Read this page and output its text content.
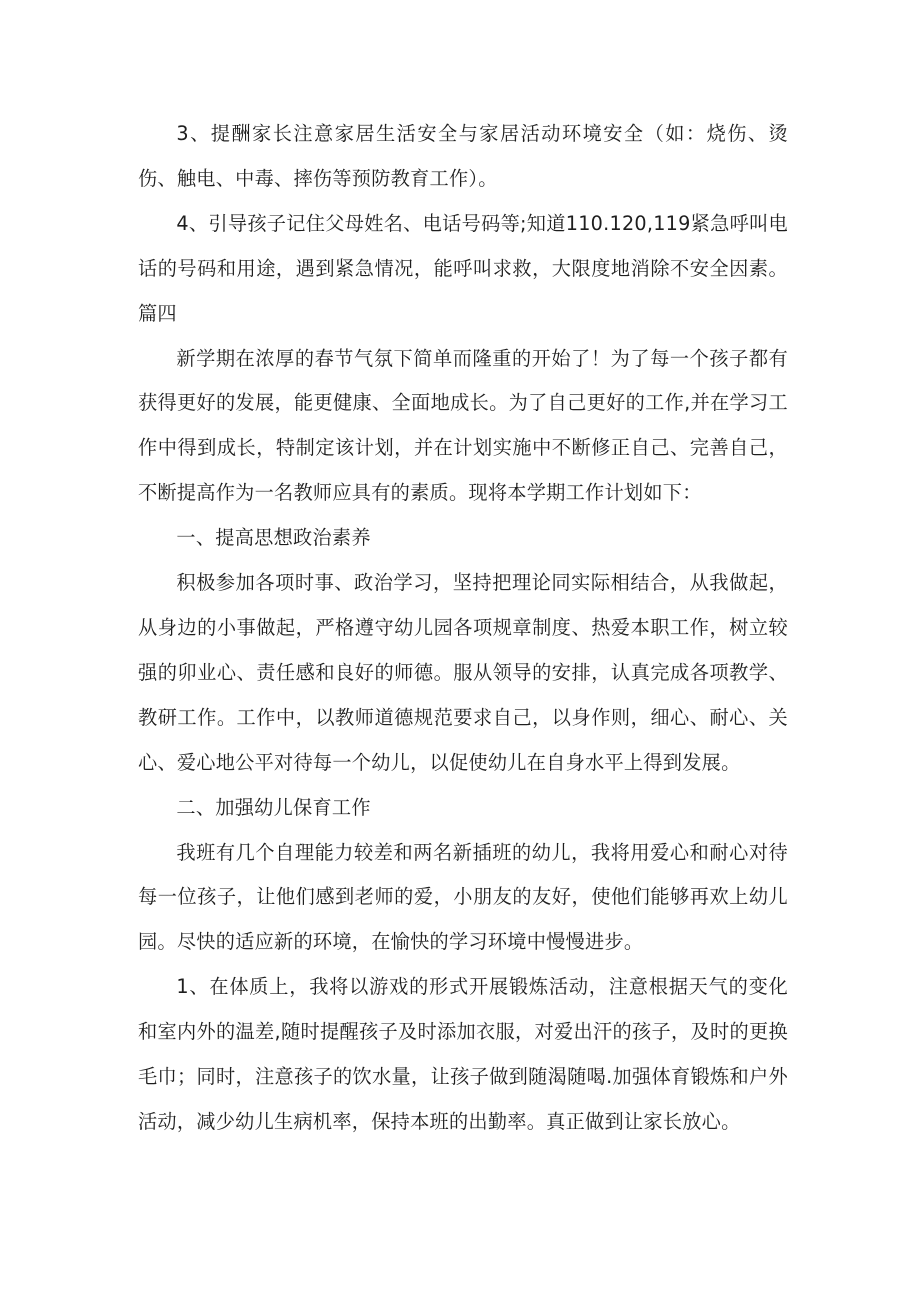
3、提酬家长注意家居生活安全与家居活动环境安全（如：烧伤、烫伤、触电、中毒、摔伤等预防教育工作）。

4、引导孩子记住父母姓名、电话号码等;知道110.120,119紧急呼叫电话的号码和用途，遇到紧急情况，能呼叫求救，大限度地消除不安全因素。篇四

新学期在浓厚的春节气氛下简单而隆重的开始了！为了每一个孩子都有获得更好的发展，能更健康、全面地成长。为了自己更好的工作,并在学习工作中得到成长，特制定该计划，并在计划实施中不断修正自己、完善自己，不断提高作为一名教师应具有的素质。现将本学期工作计划如下：

一、提高思想政治素养

积极参加各项时事、政治学习，坚持把理论同实际相结合，从我做起，从身边的小事做起，严格遵守幼儿园各项规章制度、热爱本职工作，树立较强的卯业心、责任感和良好的师德。服从领导的安排，认真完成各项教学、教研工作。工作中，以教师道德规范要求自己，以身作则，细心、耐心、关心、爱心地公平对待每一个幼儿，以促使幼儿在自身水平上得到发展。

二、加强幼儿保育工作

我班有几个自理能力较差和两名新插班的幼儿，我将用爱心和耐心对待每一位孩子，让他们感到老师的爱，小朋友的友好，使他们能够再欢上幼儿园。尽快的适应新的环境，在愉快的学习环境中慢慢进步。

1、在体质上，我将以游戏的形式开展锻炼活动，注意根据天气的变化和室内外的温差,随时提醒孩子及时添加衣服，对爱出汗的孩子，及时的更换毛巾；同时，注意孩子的饮水量，让孩子做到随渴随喝.加强体育锻炼和户外活动，减少幼儿生病机率，保持本班的出勤率。真正做到让家长放心。
